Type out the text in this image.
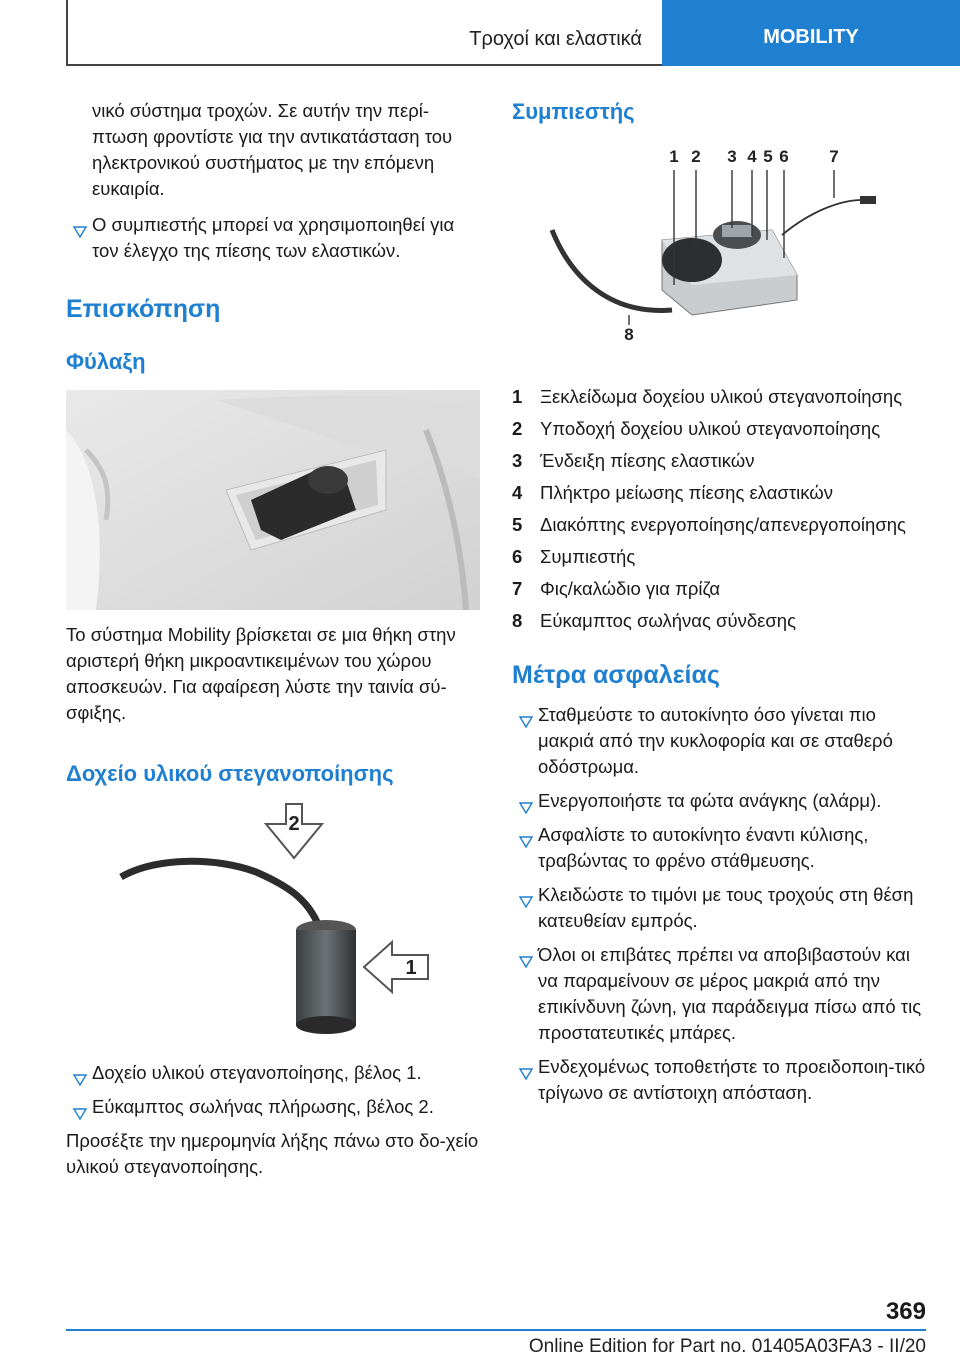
Τροχοί και ελαστικά	MOBILITY

νικό σύστημα τροχών. Σε αυτήν την περί-πτωση φροντίστε για την αντικατάσταση του ηλεκτρονικού συστήματος με την επόμενη ευκαιρία.

Ο συμπιεστής μπορεί να χρησιμοποιηθεί για τον έλεγχο της πίεσης των ελαστικών.
Επισκόπηση
Φύλαξη

Το σύστημα Mobility βρίσκεται σε μια θήκη στην αριστερή θήκη μικροαντικειμένων του χώρου αποσκευών. Για αφαίρεση λύστε την ταινία σύ-σφιξης.

Δοχείο υλικού στεγανοποίησης
2
1
Δοχείο υλικού στεγανοποίησης, βέλος 1.
Εύκαμπτος σωλήνας πλήρωσης, βέλος 2.

Προσέξτε την ημερομηνία λήξης πάνω στο δο-χείο υλικού στεγανοποίησης.

Συμπιεστής
1 2 3 4 5 6 7
8
1 Ξεκλείδωμα δοχείου υλικού στεγανοποίησης
2 Υποδοχή δοχείου υλικού στεγανοποίησης
3 Ένδειξη πίεσης ελαστικών
4 Πλήκτρο μείωσης πίεσης ελαστικών
5 Διακόπτης ενεργοποίησης/απενεργοποίησης
6 Συμπιεστής
7 Φις/καλώδιο για πρίζα
8 Εύκαμπτος σωλήνας σύνδεσης
Μέτρα ασφαλείας
Σταθμεύστε το αυτοκίνητο όσο γίνεται πιο μακριά από την κυκλοφορία και σε σταθερό οδόστρωμα.
Ενεργοποιήστε τα φώτα ανάγκης (αλάρμ).
Ασφαλίστε το αυτοκίνητο έναντι κύλισης, τραβώντας το φρένο στάθμευσης.
Κλειδώστε το τιμόνι με τους τροχούς στη θέση κατευθείαν εμπρός.
Όλοι οι επιβάτες πρέπει να αποβιβαστούν και να παραμείνουν σε μέρος μακριά από την επικίνδυνη ζώνη, για παράδειγμα πίσω από τις προστατευτικές μπάρες.
Ενδεχομένως τοποθετήστε το προειδοποιη-τικό τρίγωνο σε αντίστοιχη απόσταση.
369
Online Edition for Part no. 01405A03FA3 - II/20
